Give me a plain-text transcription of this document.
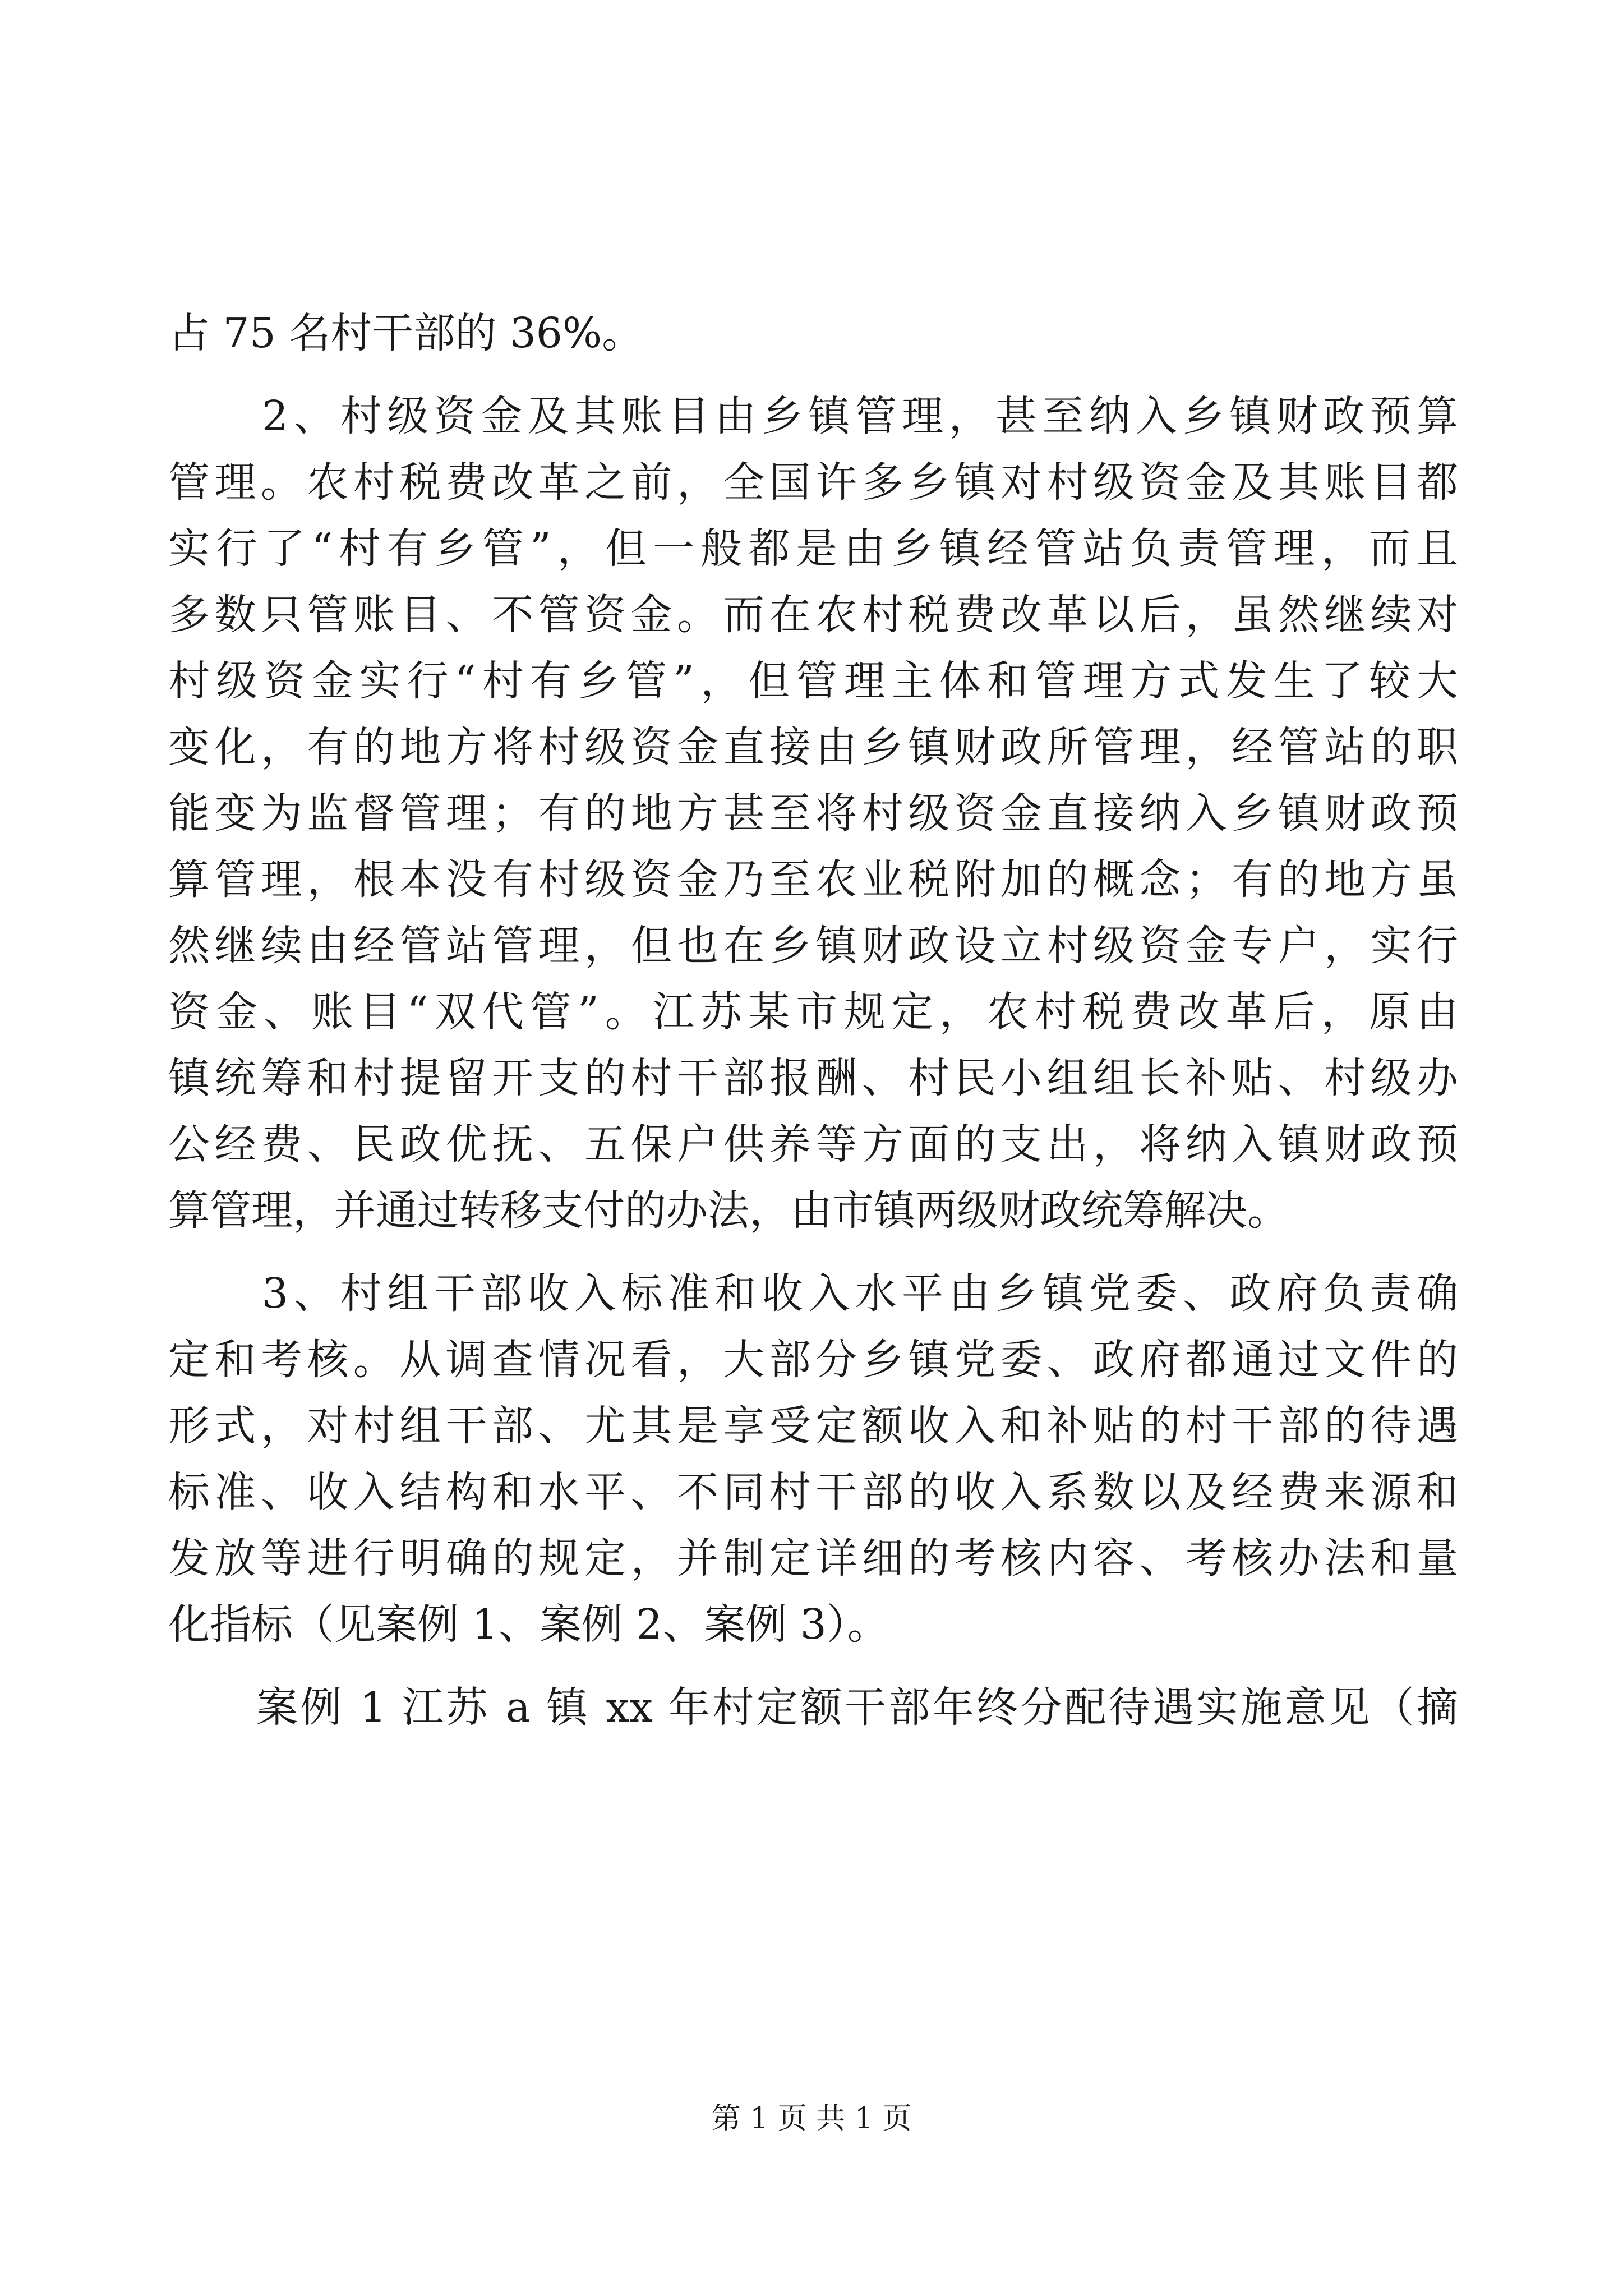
占 75 名村干部的 36%。
　　2、村级资金及其账目由乡镇管理，甚至纳入乡镇财政预算
管理。农村税费改革之前，全国许多乡镇对村级资金及其账目都
实行了“村有乡管”，但一般都是由乡镇经管站负责管理，而且
多数只管账目、不管资金。而在农村税费改革以后，虽然继续对
村级资金实行“村有乡管”，但管理主体和管理方式发生了较大
变化，有的地方将村级资金直接由乡镇财政所管理，经管站的职
能变为监督管理；有的地方甚至将村级资金直接纳入乡镇财政预
算管理，根本没有村级资金乃至农业税附加的概念；有的地方虽
然继续由经管站管理，但也在乡镇财政设立村级资金专户，实行
资金、账目“双代管”。江苏某市规定，农村税费改革后，原由
镇统筹和村提留开支的村干部报酬、村民小组组长补贴、村级办
公经费、民政优抚、五保户供养等方面的支出，将纳入镇财政预
算管理，并通过转移支付的办法，由市镇两级财政统筹解决。
　　3、村组干部收入标准和收入水平由乡镇党委、政府负责确
定和考核。从调查情况看，大部分乡镇党委、政府都通过文件的
形式，对村组干部、尤其是享受定额收入和补贴的村干部的待遇
标准、收入结构和水平、不同村干部的收入系数以及经费来源和
发放等进行明确的规定，并制定详细的考核内容、考核办法和量
化指标（见案例 1、案例 2、案例 3）。
　　案例 1 江苏 a 镇 xx 年村定额干部年终分配待遇实施意见（摘
第 1 页 共 1 页
